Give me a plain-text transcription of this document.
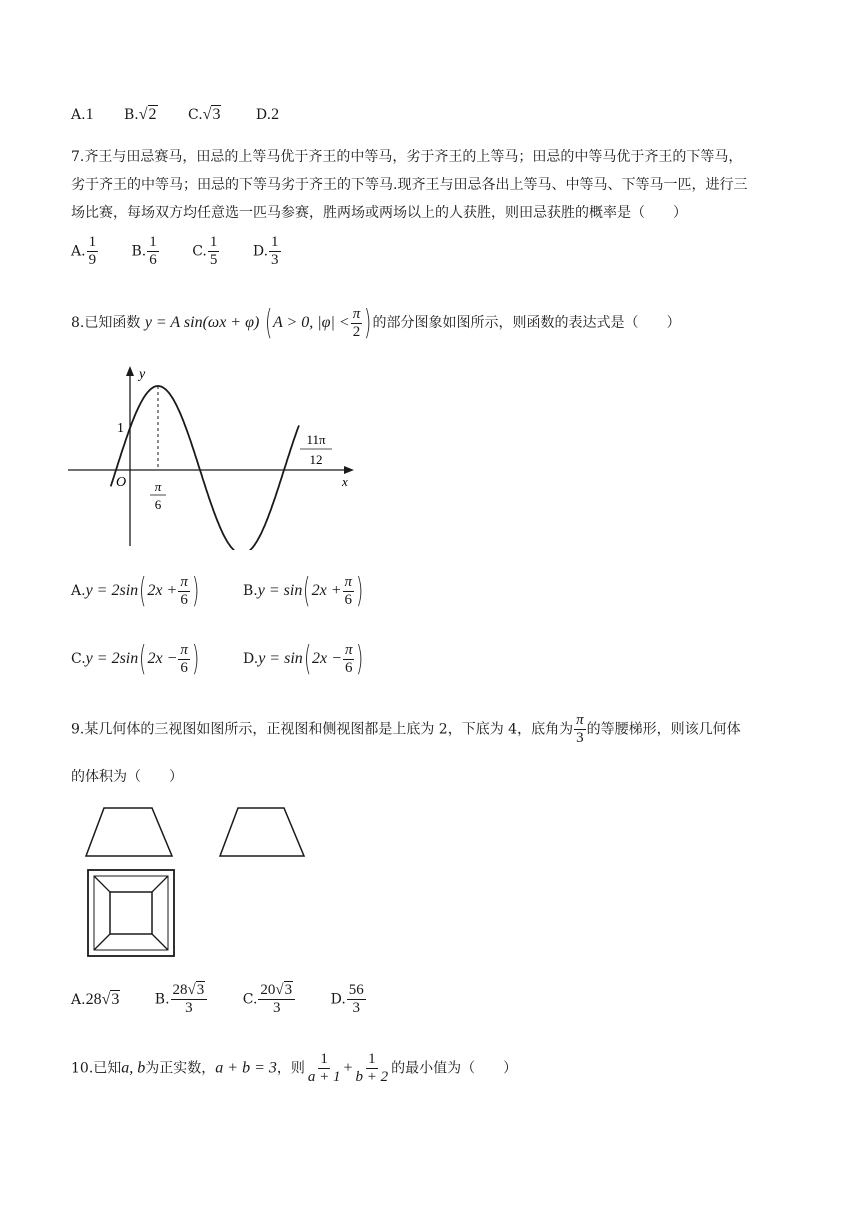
A.1 B.√2 C.√3	D.2
7.齐王与田忌赛马，田忌的上等马优于齐王的中等马，劣于齐王的上等马；田忌的中等马优于齐王的下等马，
劣于齐王的中等马；田忌的下等马劣于齐王的下等马.现齐王与田忌各出上等马、中等马、下等马一匹，进行三
场比赛，每场双方均任意选一匹马参赛，胜两场或两场以上的人获胜，则田忌获胜的概率是（　　）
A. $\frac{1}{9} B$. $\frac{1}{6} C$. $\frac{1}{5} D$. $\frac{1}{3}$
8.已知函数 y = A sin(ωx + φ) (A > 0, $|\varphi| < \frac{\pi}{2}$ )的部分图象如图所示，则函数的表达式是（　　）
y
x
O
1
π
6
11π
12
$A.y = 2\sin(2x + \frac{\pi}{6}$ )	$B.y = \sin(2x + \frac{\pi}{6}$ )
$C.y = 2\sin(2x - \frac{\pi}{6}$ )	$D.y = \sin(2x - \frac{\pi}{6}$ )
9.某几何体的三视图如图所示，正视图和侧视图都是上底为 2，下底为 4，底角为 $\frac{\pi}{3}$ 的等腰梯形，则该几何体
的体积为（　　）
A.28√3	B. $\frac{28√3}{3}$	C. $\frac{20√3}{3}$	D. $\frac{56}{3}$
10.已知a, b为正实数，a + b = 3，则 $\frac{1}{a + 1} + \frac{1}{b + 2}$ 的最小值为（　　）
